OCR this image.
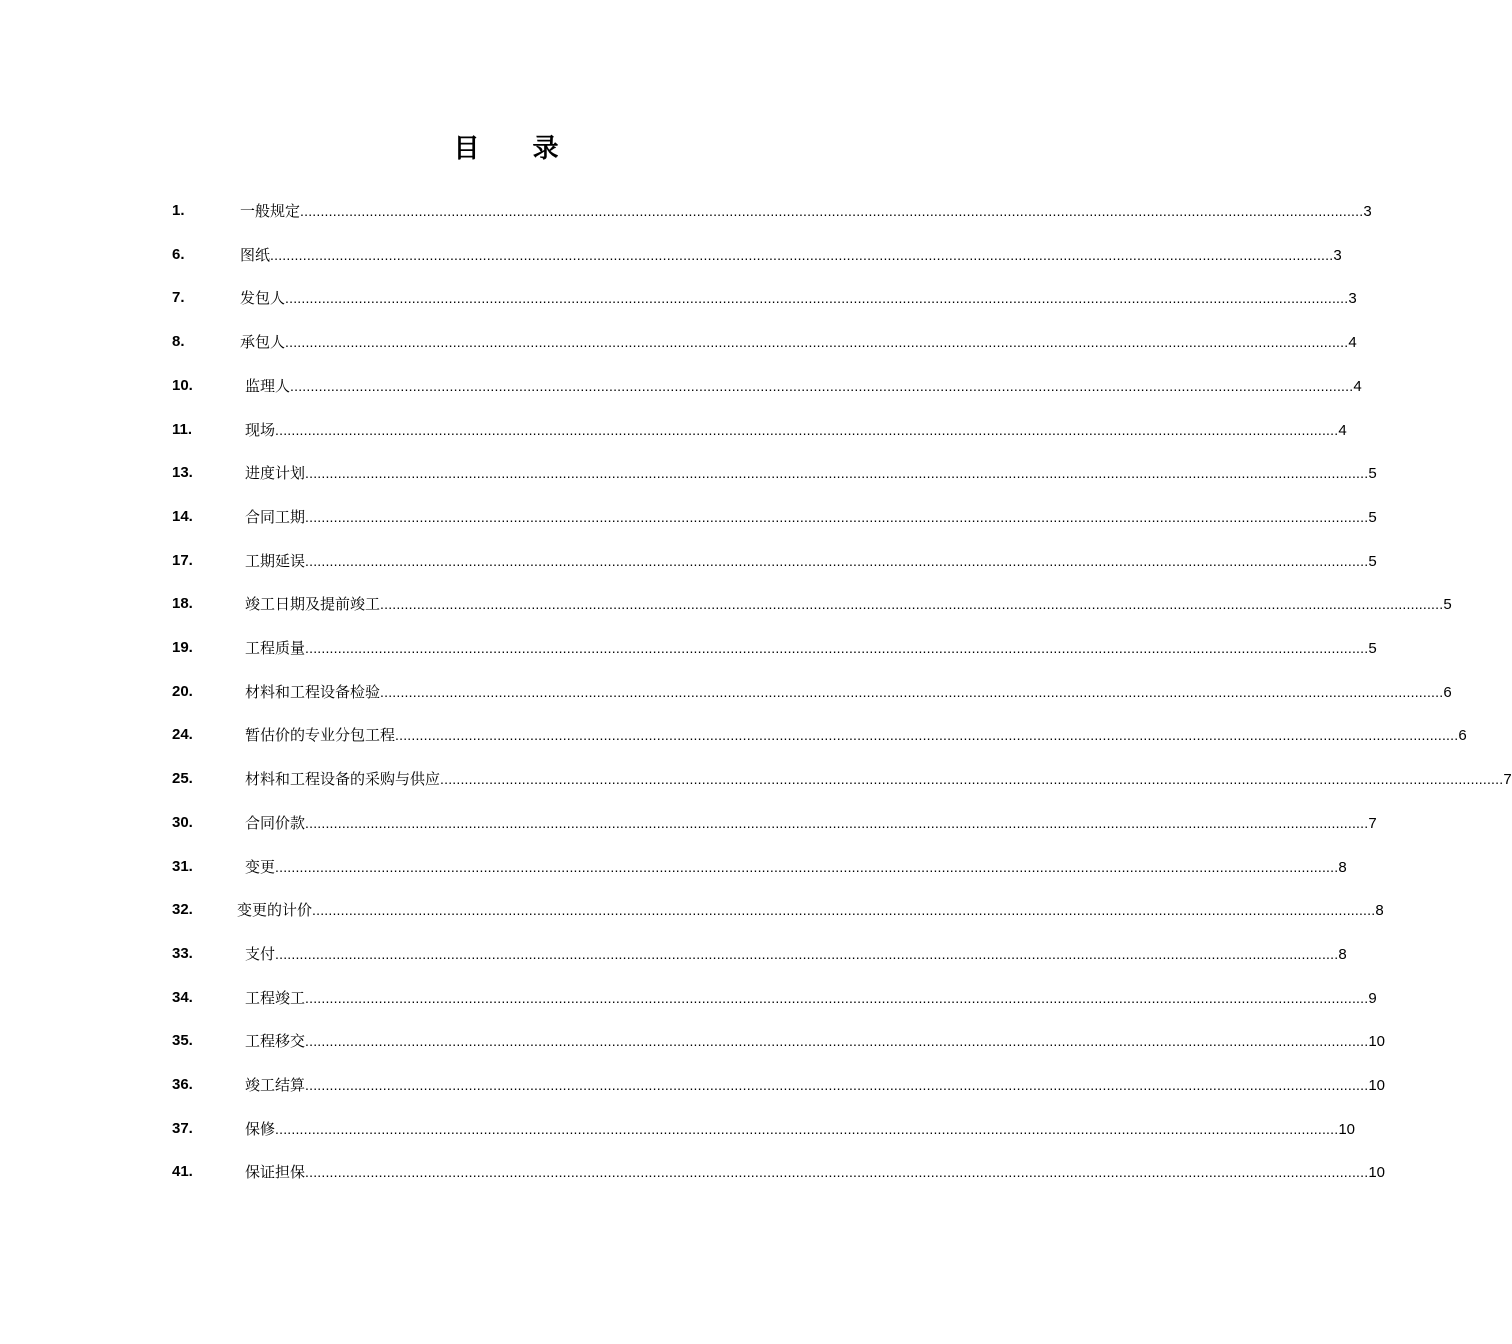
目 录
1.	一般规定 .................................................................................................................................................................................................................................................................... 3
6.	图纸 .................................................................................................................................................................................................................................................................... 3
7.	发包人 .................................................................................................................................................................................................................................................................... 3
8.	承包人 .................................................................................................................................................................................................................................................................... 4
10.	监理人 .................................................................................................................................................................................................................................................................... 4
11.	现场 .................................................................................................................................................................................................................................................................... 4
13.	进度计划 .................................................................................................................................................................................................................................................................... 5
14.	合同工期 .................................................................................................................................................................................................................................................................... 5
17.	工期延误 .................................................................................................................................................................................................................................................................... 5
18.	竣工日期及提前竣工 .................................................................................................................................................................................................................................................................... 5
19.	工程质量 .................................................................................................................................................................................................................................................................... 5
20.	材料和工程设备检验 .................................................................................................................................................................................................................................................................... 6
24.	暂估价的专业分包工程 .................................................................................................................................................................................................................................................................... 6
25.	材料和工程设备的采购与供应 .................................................................................................................................................................................................................................................................... 7
30.	合同价款 .................................................................................................................................................................................................................................................................... 7
31.	变更 .................................................................................................................................................................................................................................................................... 8
32.	变更的计价 .................................................................................................................................................................................................................................................................... 8
33.	支付 .................................................................................................................................................................................................................................................................... 8
34.	工程竣工 .................................................................................................................................................................................................................................................................... 9
35.	工程移交 .................................................................................................................................................................................................................................................................... 10
36.	竣工结算 .................................................................................................................................................................................................................................................................... 10
37.	保修 .................................................................................................................................................................................................................................................................... 10
41.	保证担保 .................................................................................................................................................................................................................................................................... 10
